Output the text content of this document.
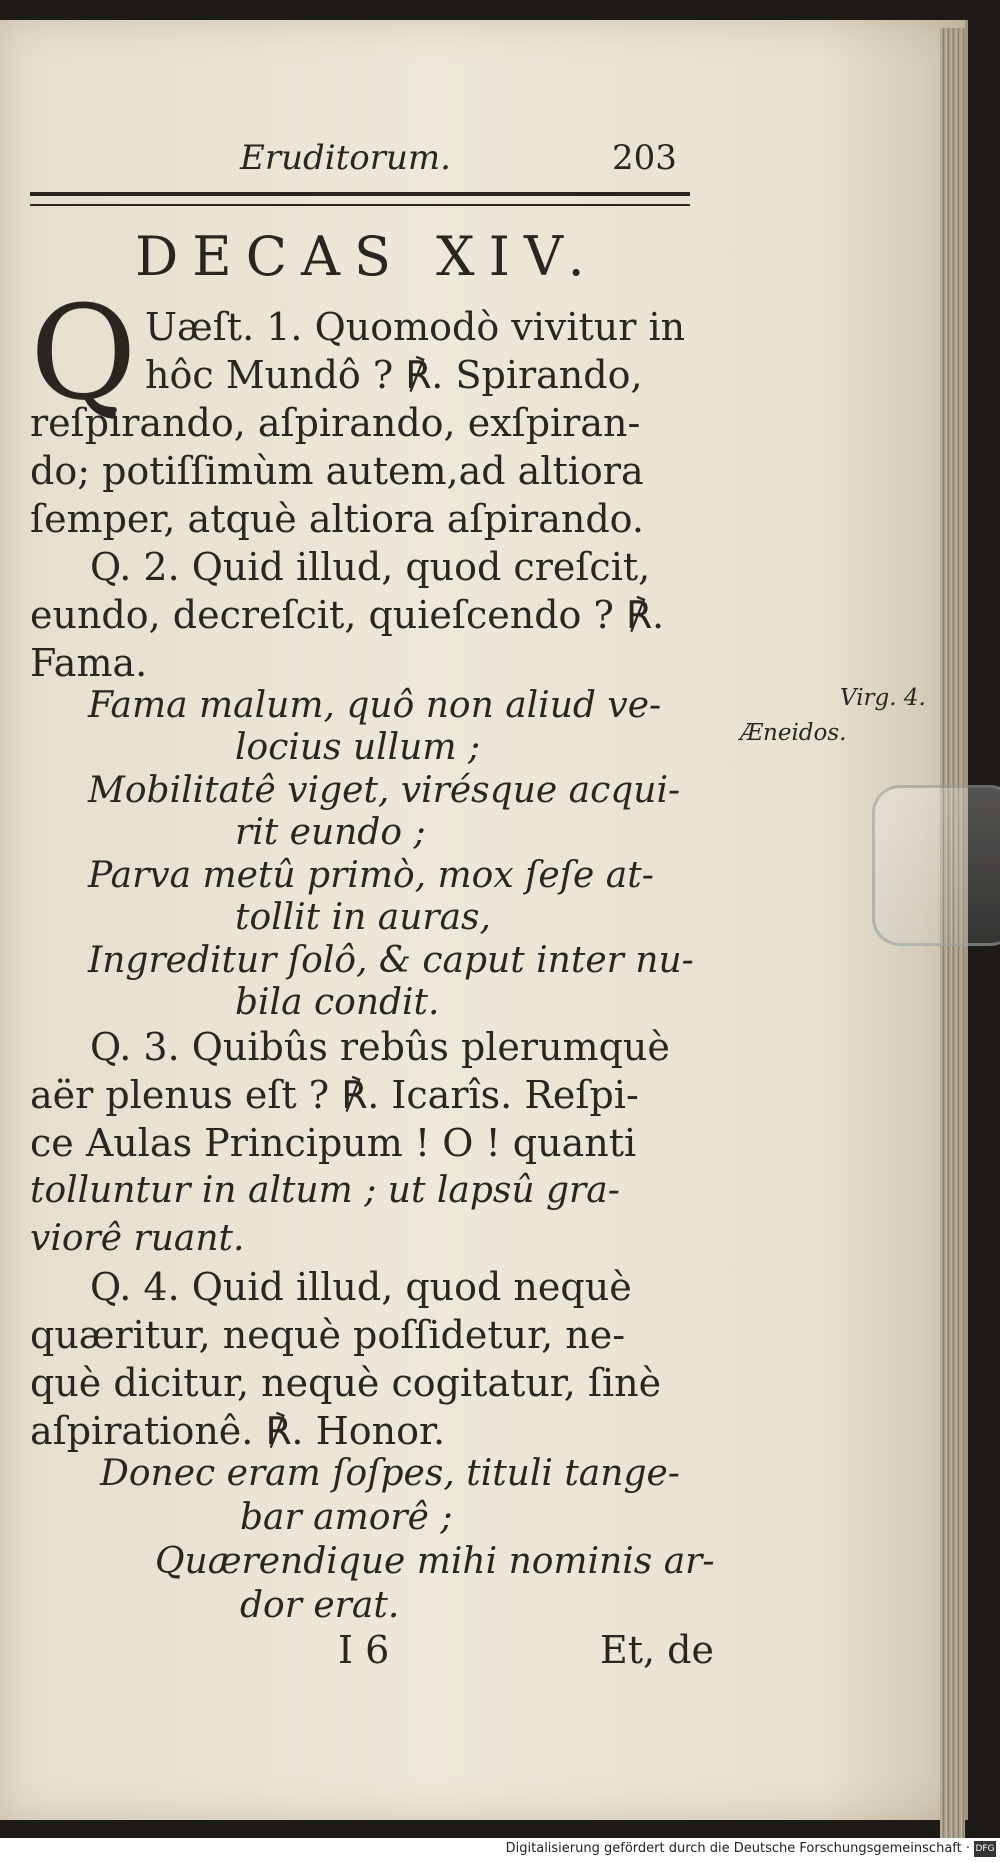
Eruditorum.	203
DECAS XIV.
Q Uæſt. 1. Quomodò vivitur in
hôc Mundô ? ℟. Spirando,
reſpirando, aſpirando, exſpiran-
do; potiſſimùm autem,ad altiora
ſemper, atquè altiora aſpirando.
Q. 2. Quid illud, quod creſcit,
eundo, decreſcit, quieſcendo ? ℟.
Fama.
Fama malum, quô non aliud ve-
locius ullum ;
Mobilitatê viget, virésque acqui-
rit eundo ;
Parva metû primò, mox ſeſe at-
tollit in auras,
Ingreditur ſolô, & caput inter nu-
bila condit.
Virg. 4.
Æneidos.
Q. 3. Quibûs rebûs plerumquè
aër plenus eſt ? ℟. Icarîs. Reſpi-
ce Aulas Principum ! O ! quanti
tolluntur in altum ; ut lapsû gra-
viorê ruant.
Q. 4. Quid illud, quod nequè
quæritur, nequè poſſidetur, ne-
què dicitur, nequè cogitatur, ſinè
aſpirationê. ℟. Honor.
Donec eram ſoſpes, tituli tange-
bar amorê ;
Quærendique mihi nominis ar-
dor erat.
I 6	Et, de
Digitalisierung gefördert durch die Deutsche Forschungsgemeinschaft · DFG
